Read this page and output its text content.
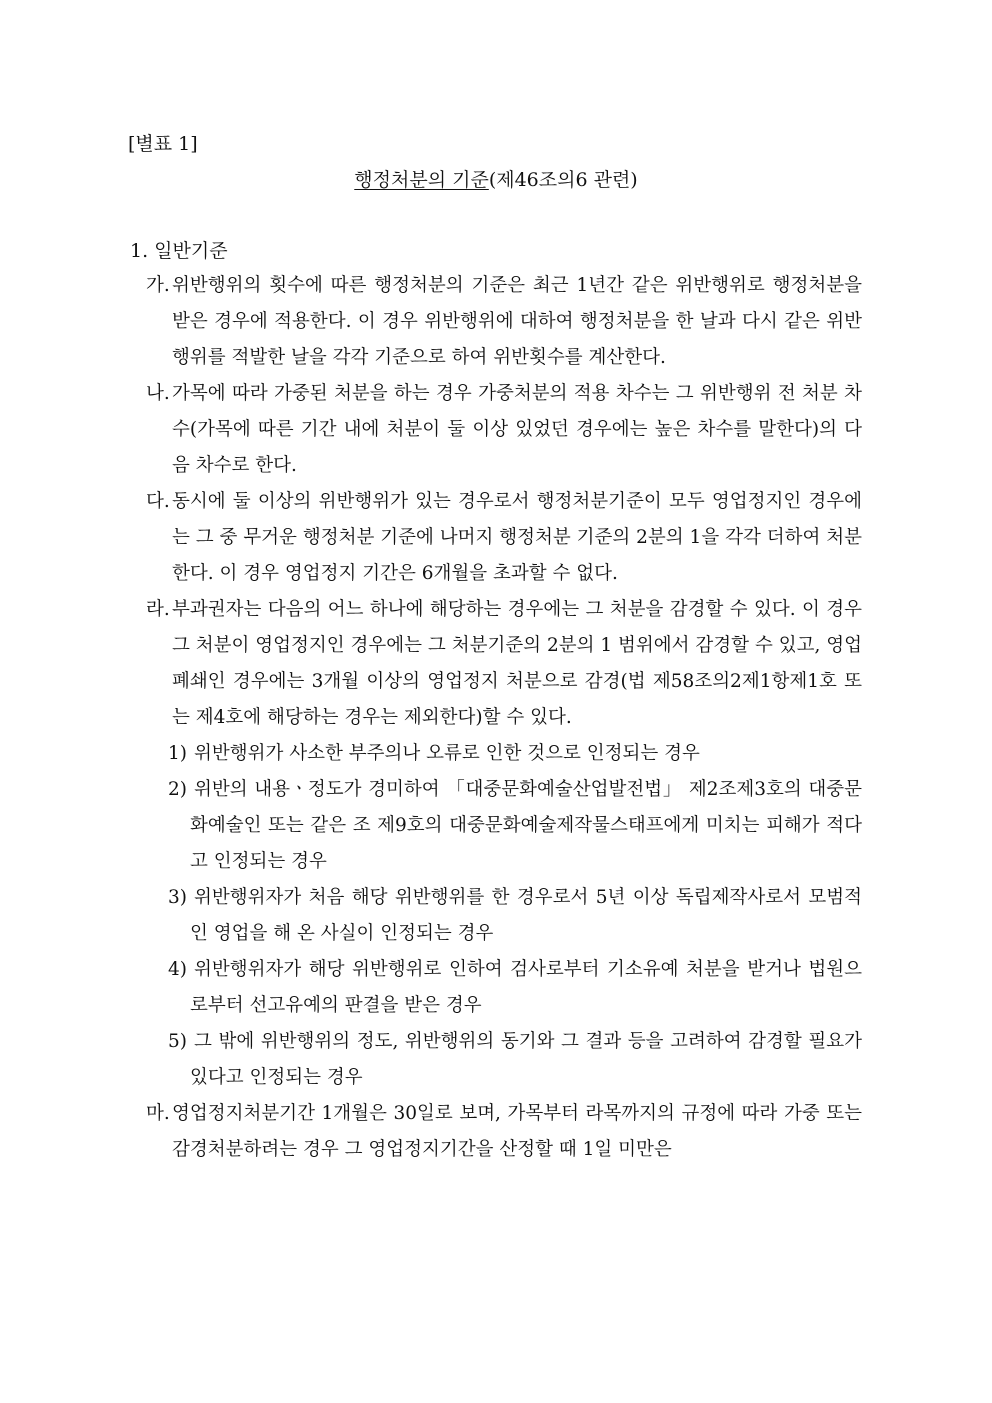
[별표 1]
행정처분의 기준(제46조의6 관련)
1. 일반기준
가. 위반행위의 횟수에 따른 행정처분의 기준은 최근 1년간 같은 위반행위로 행정처분을 받은 경우에 적용한다. 이 경우 위반행위에 대하여 행정처분을 한 날과 다시 같은 위반행위를 적발한 날을 각각 기준으로 하여 위반횟수를 계산한다.
나. 가목에 따라 가중된 처분을 하는 경우 가중처분의 적용 차수는 그 위반행위 전 처분 차수(가목에 따른 기간 내에 처분이 둘 이상 있었던 경우에는 높은 차수를 말한다)의 다음 차수로 한다.
다. 동시에 둘 이상의 위반행위가 있는 경우로서 행정처분기준이 모두 영업정지인 경우에는 그 중 무거운 행정처분 기준에 나머지 행정처분 기준의 2분의 1을 각각 더하여 처분한다. 이 경우 영업정지 기간은 6개월을 초과할 수 없다.
라. 부과권자는 다음의 어느 하나에 해당하는 경우에는 그 처분을 감경할 수 있다. 이 경우 그 처분이 영업정지인 경우에는 그 처분기준의 2분의 1 범위에서 감경할 수 있고, 영업폐쇄인 경우에는 3개월 이상의 영업정지 처분으로 감경(법 제58조의2제1항제1호 또는 제4호에 해당하는 경우는 제외한다)할 수 있다.
1) 위반행위가 사소한 부주의나 오류로 인한 것으로 인정되는 경우
2) 위반의 내용ㆍ정도가 경미하여 「대중문화예술산업발전법」 제2조제3호의 대중문화예술인 또는 같은 조 제9호의 대중문화예술제작물스태프에게 미치는 피해가 적다고 인정되는 경우
3) 위반행위자가 처음 해당 위반행위를 한 경우로서 5년 이상 독립제작사로서 모범적인 영업을 해 온 사실이 인정되는 경우
4) 위반행위자가 해당 위반행위로 인하여 검사로부터 기소유예 처분을 받거나 법원으로부터 선고유예의 판결을 받은 경우
5) 그 밖에 위반행위의 정도, 위반행위의 동기와 그 결과 등을 고려하여 감경할 필요가 있다고 인정되는 경우
마. 영업정지처분기간 1개월은 30일로 보며, 가목부터 라목까지의 규정에 따라 가중 또는 감경처분하려는 경우 그 영업정지기간을 산정할 때 1일 미만은
